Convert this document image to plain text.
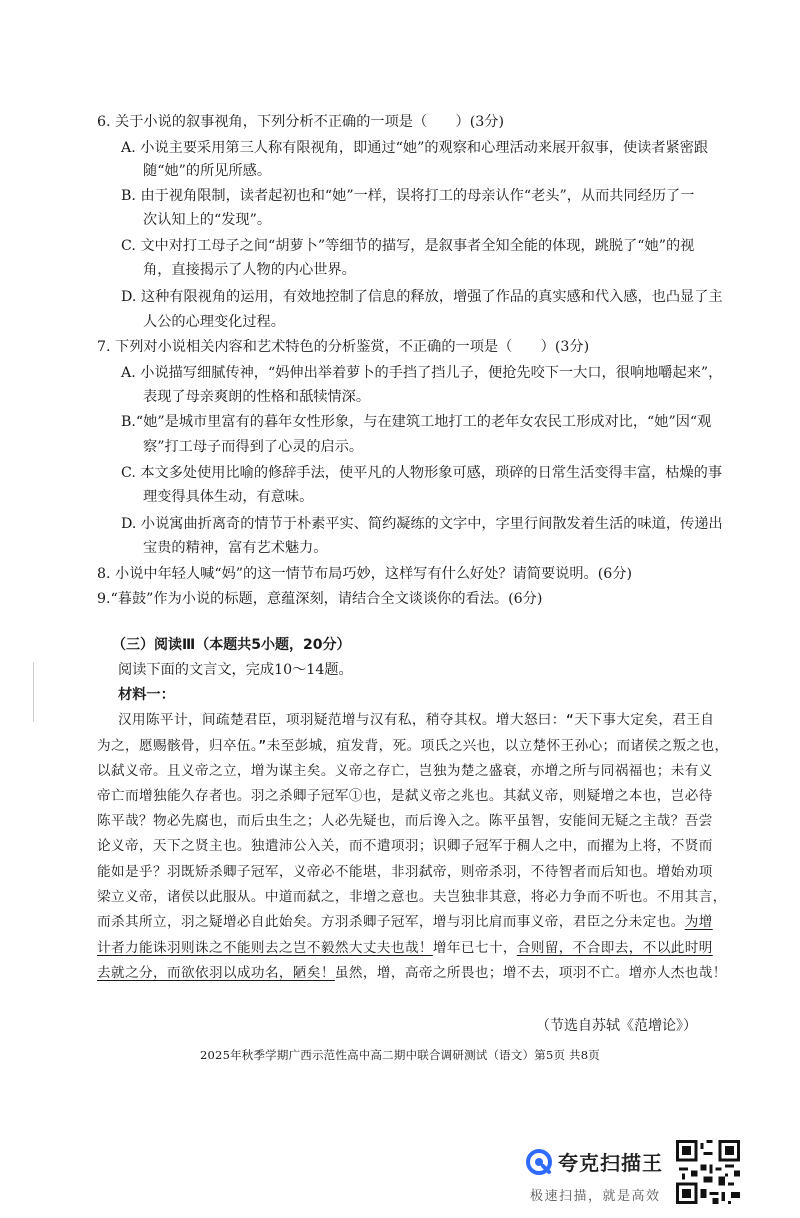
6. 关于小说的叙事视角，下列分析不正确的一项是（　　）(3分)
A. 小说主要采用第三人称有限视角，即通过“她”的观察和心理活动来展开叙事，使读者紧密跟
随“她”的所见所感。
B. 由于视角限制，读者起初也和“她”一样，误将打工的母亲认作“老头”，从而共同经历了一
次认知上的“发现”。
C. 文中对打工母子之间“胡萝卜”等细节的描写，是叙事者全知全能的体现，跳脱了“她”的视
角，直接揭示了人物的内心世界。
D. 这种有限视角的运用，有效地控制了信息的释放，增强了作品的真实感和代入感，也凸显了主
人公的心理变化过程。
7. 下列对小说相关内容和艺术特色的分析鉴赏，不正确的一项是（　　）(3分)
A. 小说描写细腻传神，“妈伸出举着萝卜的手挡了挡儿子，便抢先咬下一大口，很响地嚼起来”，
表现了母亲爽朗的性格和舐犊情深。
B.“她”是城市里富有的暮年女性形象，与在建筑工地打工的老年女农民工形成对比，“她”因“观
察”打工母子而得到了心灵的启示。
C. 本文多处使用比喻的修辞手法，使平凡的人物形象可感，琐碎的日常生活变得丰富，枯燥的事
理变得具体生动，有意味。
D. 小说寓曲折离奇的情节于朴素平实、简约凝练的文字中，字里行间散发着生活的味道，传递出
宝贵的精神，富有艺术魅力。
8. 小说中年轻人喊“妈”的这一情节布局巧妙，这样写有什么好处？请简要说明。(6分)
9.“暮鼓”作为小说的标题，意蕴深刻，请结合全文谈谈你的看法。(6分)
（三）阅读Ⅲ（本题共5小题，20分）
阅读下面的文言文，完成10～14题。
材料一：
汉用陈平计，间疏楚君臣，项羽疑范增与汉有私，稍夺其权。增大怒曰：“天下事大定矣，君王自
为之，愿赐骸骨，归卒伍。”未至彭城，疽发背，死。项氏之兴也，以立楚怀王孙心；而诸侯之叛之也，
以弑义帝。且义帝之立，增为谋主矣。义帝之存亡，岂独为楚之盛衰，亦增之所与同祸福也；未有义
帝亡而增独能久存者也。羽之杀卿子冠军①也，是弑义帝之兆也。其弑义帝，则疑增之本也，岂必待
陈平哉？物必先腐也，而后虫生之；人必先疑也，而后谗入之。陈平虽智，安能间无疑之主哉？吾尝
论义帝，天下之贤主也。独遣沛公入关，而不遣项羽；识卿子冠军于稠人之中，而擢为上将，不贤而
能如是乎？羽既矫杀卿子冠军，义帝必不能堪，非羽弑帝，则帝杀羽，不待智者而后知也。增始劝项
梁立义帝，诸侯以此服从。中道而弑之，非增之意也。夫岂独非其意，将必力争而不听也。不用其言，
而杀其所立，羽之疑增必自此始矣。方羽杀卿子冠军，增与羽比肩而事义帝，君臣之分未定也。为增
计者力能诛羽则诛之不能则去之岂不毅然大丈夫也哉！增年已七十，合则留，不合即去，不以此时明
去就之分，而欲依羽以成功名，陋矣！虽然，增，高帝之所畏也；增不去，项羽不亡。增亦人杰也哉！
（节选自苏轼《范增论》）
2025年秋季学期广西示范性高中高二期中联合调研测试（语文）第5页 共8页
夸克扫描王
极速扫描，就是高效
